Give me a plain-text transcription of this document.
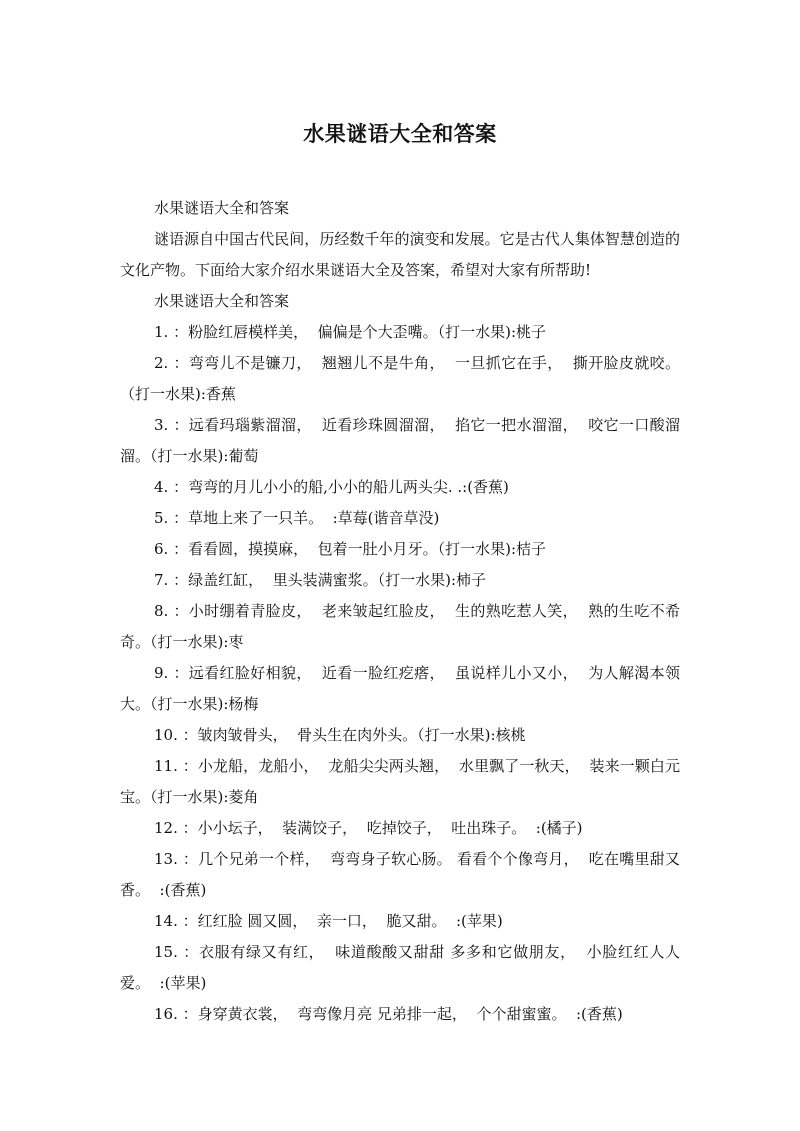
水果谜语大全和答案

水果谜语大全和答案

谜语源自中国古代民间，历经数千年的演变和发展。它是古代人集体智慧创造的文化产物。下面给大家介绍水果谜语大全及答案，希望对大家有所帮助!

水果谜语大全和答案

1. ：粉脸红唇模样美，  偏偏是个大歪嘴。（打一水果):桃子

2. ：弯弯儿不是镰刀，  翘翘儿不是牛角，  一旦抓它在手，  撕开脸皮就咬。（打一水果):香蕉

3. ：远看玛瑙紫溜溜，  近看珍珠圆溜溜，  掐它一把水溜溜，  咬它一口酸溜溜。（打一水果):葡萄

4. ：弯弯的月儿小小的船,小小的船儿两头尖. .:(香蕉)

5. ：草地上来了一只羊。  :草莓(谐音草没)

6. ：看看圆，摸摸麻，  包着一肚小月牙。（打一水果):桔子

7. ：绿盖红缸，  里头装满蜜浆。（打一水果):柿子

8. ：小时绷着青脸皮，  老来皱起红脸皮，  生的熟吃惹人笑，  熟的生吃不希奇。（打一水果):枣

9. ：远看红脸好相貌，  近看一脸红疙瘩，  虽说样儿小又小，  为人解渴本领大。（打一水果):杨梅

10. ：皱肉皱骨头，  骨头生在肉外头。（打一水果):核桃

11. ：小龙船，龙船小，  龙船尖尖两头翘，  水里飘了一秋天，  装来一颗白元宝。（打一水果):菱角

12. ：小小坛子，  装满饺子，  吃掉饺子，  吐出珠子。  :(橘子)

13. ：几个兄弟一个样，  弯弯身子软心肠。 看看个个像弯月，  吃在嘴里甜又香。  :(香蕉)

14. ：红红脸 圆又圆，  亲一口，  脆又甜。  :(苹果)

15. ：衣服有绿又有红，  味道酸酸又甜甜 多多和它做朋友，  小脸红红人人爱。  :(苹果)

16. ：身穿黄衣裳，  弯弯像月亮 兄弟排一起，  个个甜蜜蜜。  :(香蕉)
